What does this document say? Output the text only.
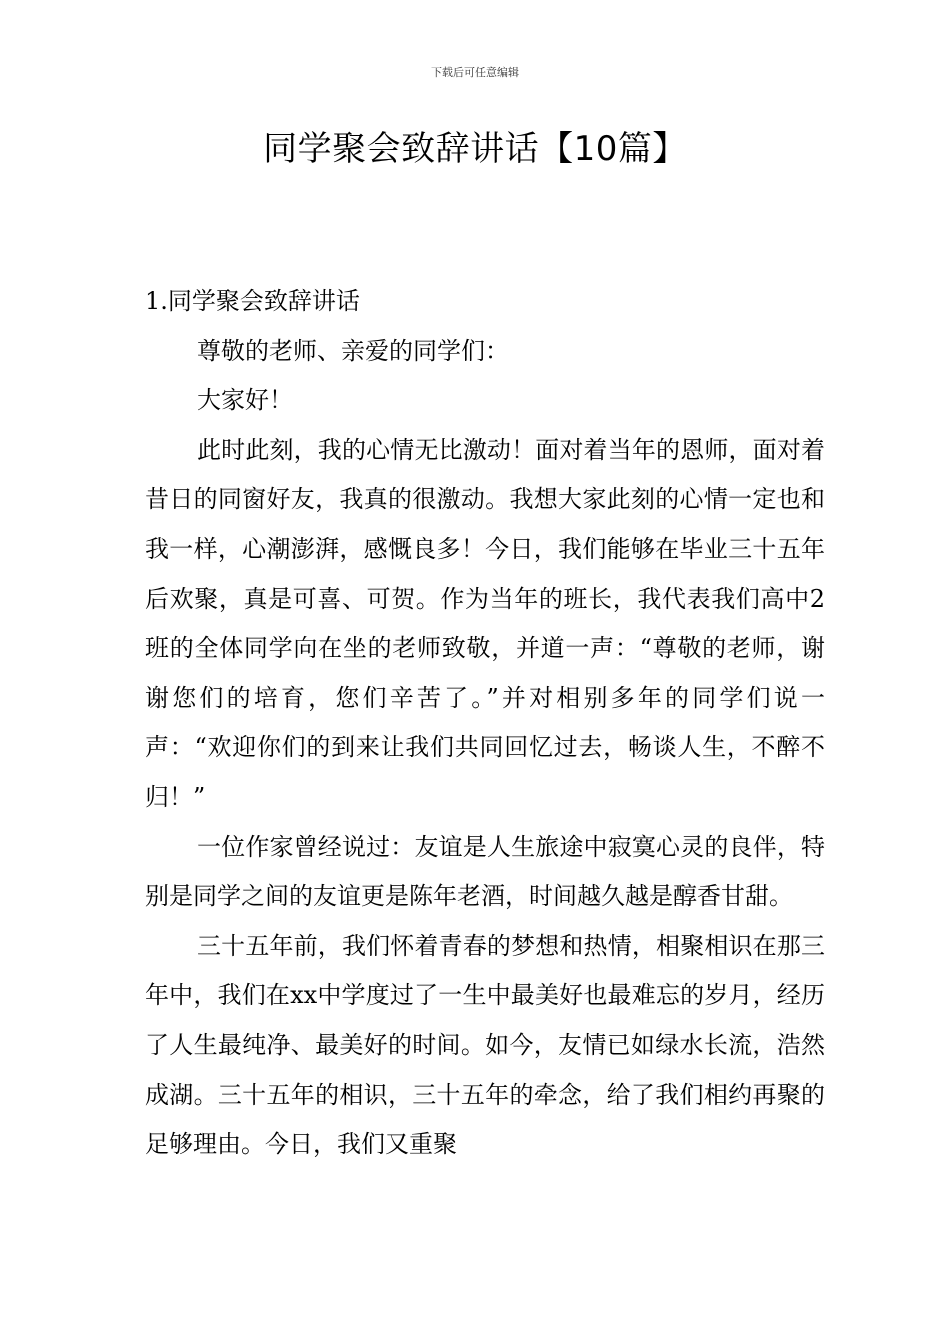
下载后可任意编辑
同学聚会致辞讲话【10篇】

1.同学聚会致辞讲话

尊敬的老师、亲爱的同学们：

大家好！

此时此刻，我的心情无比激动！面对着当年的恩师，面对着昔日的同窗好友，我真的很激动。我想大家此刻的心情一定也和我一样，心潮澎湃，感慨良多！今日，我们能够在毕业三十五年后欢聚，真是可喜、可贺。作为当年的班长，我代表我们高中2班的全体同学向在坐的老师致敬，并道一声：“尊敬的老师，谢谢您们的培育，您们辛苦了。”并对相别多年的同学们说一声：“欢迎你们的到来让我们共同回忆过去，畅谈人生，不醉不归！”

一位作家曾经说过：友谊是人生旅途中寂寞心灵的良伴，特别是同学之间的友谊更是陈年老酒，时间越久越是醇香甘甜。

三十五年前，我们怀着青春的梦想和热情，相聚相识在那三年中，我们在xx中学度过了一生中最美好也最难忘的岁月，经历了人生最纯净、最美好的时间。如今，友情已如绿水长流，浩然成湖。三十五年的相识，三十五年的牵念，给了我们相约再聚的足够理由。今日，我们又重聚
